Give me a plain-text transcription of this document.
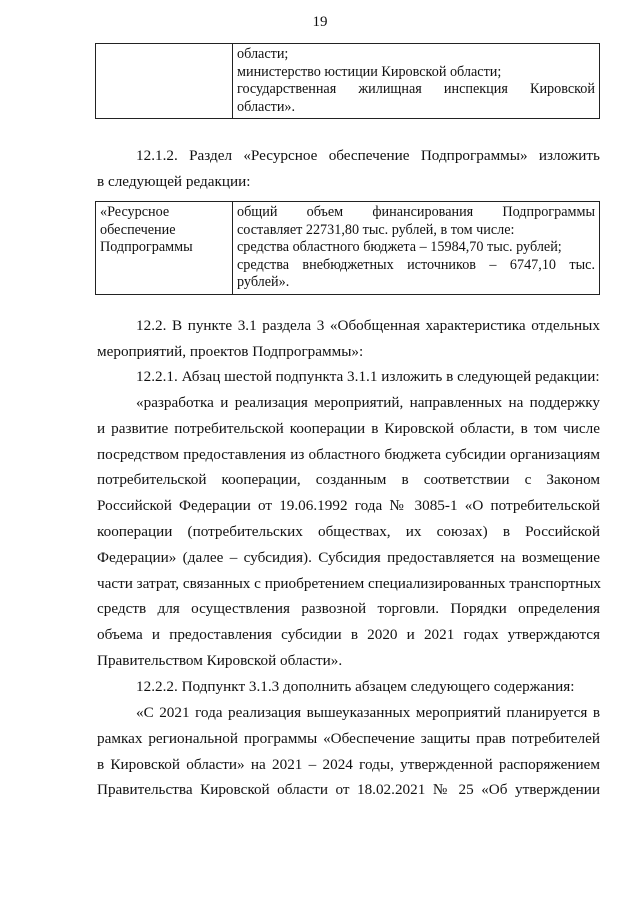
19

области;
министерство юстиции Кировской области;
государственная жилищная инспекция Кировской
области».
12.1.2. Раздел «Ресурсное обеспечение Подпрограммы» изложить
в следующей редакции:
«Ресурсное
обеспечение
Подпрограммы

общий объем финансирования Подпрограммы
составляет 22731,80 тыс. рублей, в том числе:
средства областного бюджета – 15984,70 тыс. рублей;
средства внебюджетных источников – 6747,10 тыс.
рублей».
12.2. В пункте 3.1 раздела 3 «Обобщенная характеристика отдельных
мероприятий, проектов Подпрограммы»:
12.2.1. Абзац шестой подпункта 3.1.1 изложить в следующей редакции:
«разработка и реализация мероприятий, направленных на поддержку
и развитие потребительской кооперации в Кировской области, в том числе
посредством предоставления из областного бюджета субсидии организациям
потребительской кооперации, созданным в соответствии с Законом
Российской Федерации от 19.06.1992 года № 3085-1 «О потребительской
кооперации (потребительских обществах, их союзах) в Российской
Федерации» (далее – субсидия). Субсидия предоставляется на возмещение
части затрат, связанных с приобретением специализированных транспортных
средств для осуществления развозной торговли. Порядки определения
объема и предоставления субсидии в 2020 и 2021 годах утверждаются
Правительством Кировской области».
12.2.2. Подпункт 3.1.3 дополнить абзацем следующего содержания:
«С 2021 года реализация вышеуказанных мероприятий планируется в
рамках региональной программы «Обеспечение защиты прав потребителей
в Кировской области» на 2021 – 2024 годы, утвержденной распоряжением
Правительства Кировской области от 18.02.2021 № 25 «Об утверждении
